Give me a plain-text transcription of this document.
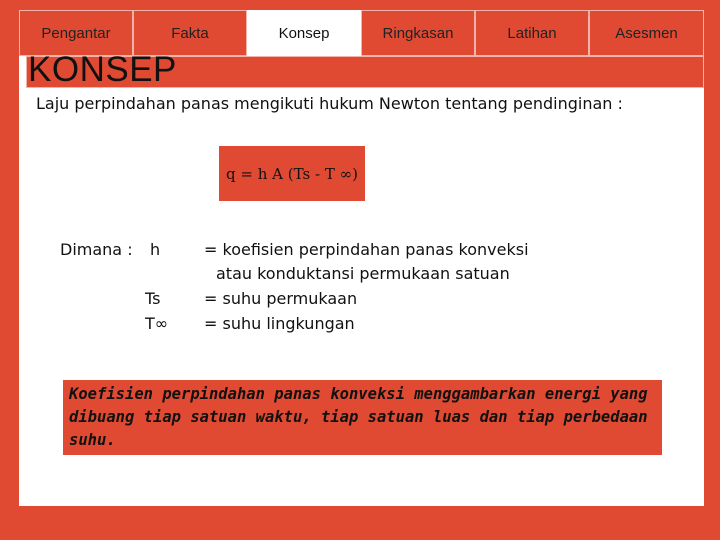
Pengantar	Fakta	Konsep	Ringkasan	Latihan	Asesmen
KONSEP
Laju perpindahan panas mengikuti hukum Newton tentang pendinginan :
q = h A (Ts - T ∞)
Dimana : h	= koefisien perpindahan panas konveksi
atau konduktansi permukaan satuan
Ts	= suhu permukaan
T∞ = suhu lingkungan
Koefisien perpindahan panas konveksi menggambarkan energi yang dibuang tiap satuan waktu, tiap satuan luas dan tiap perbedaan suhu.
